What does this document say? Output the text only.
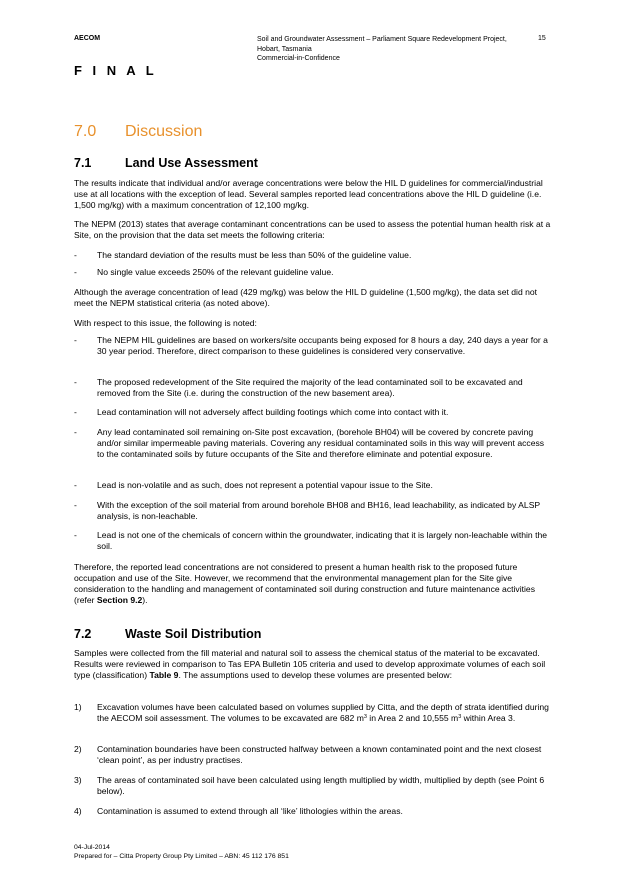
AECOM	Soil and Groundwater Assessment – Parliament Square Redevelopment Project, Hobart, Tasmania
Commercial-in-Confidence
15
F I N A L
7.0 Discussion
7.1	Land Use Assessment
The results indicate that individual and/or average concentrations were below the HIL D guidelines for commercial/industrial use at all locations with the exception of lead. Several samples reported lead concentrations above the HIL D guideline (i.e. 1,500 mg/kg) with a maximum concentration of 12,100 mg/kg.
The NEPM (2013) states that average contaminant concentrations can be used to assess the potential human health risk at a Site, on the provision that the data set meets the following criteria:
- The standard deviation of the results must be less than 50% of the guideline value.
- No single value exceeds 250% of the relevant guideline value.
Although the average concentration of lead (429 mg/kg) was below the HIL D guideline (1,500 mg/kg), the data set did not meet the NEPM statistical criteria (as noted above).
With respect to this issue, the following is noted:
- The NEPM HIL guidelines are based on workers/site occupants being exposed for 8 hours a day, 240 days a year for a 30 year period. Therefore, direct comparison to these guidelines is considered very conservative.
- The proposed redevelopment of the Site required the majority of the lead contaminated soil to be excavated and removed from the Site (i.e. during the construction of the new basement area).
- Lead contamination will not adversely affect building footings which come into contact with it.
- Any lead contaminated soil remaining on-Site post excavation, (borehole BH04) will be covered by concrete paving and/or similar impermeable paving materials. Covering any residual contaminated soils in this way will prevent access to the contaminated soils by future occupants of the Site and therefore eliminate and potential exposure.
- Lead is non-volatile and as such, does not represent a potential vapour issue to the Site.
- With the exception of the soil material from around borehole BH08 and BH16, lead leachability, as indicated by ALSP analysis, is non-leachable.
- Lead is not one of the chemicals of concern within the groundwater, indicating that it is largely non-leachable within the soil.
Therefore, the reported lead concentrations are not considered to present a human health risk to the proposed future occupation and use of the Site. However, we recommend that the environmental management plan for the Site give consideration to the handling and management of contaminated soil during construction and future maintenance activities (refer Section 9.2).
7.2	Waste Soil Distribution
Samples were collected from the fill material and natural soil to assess the chemical status of the material to be excavated. Results were reviewed in comparison to Tas EPA Bulletin 105 criteria and used to develop approximate volumes of each soil type (classification) Table 9. The assumptions used to develop these volumes are presented below:
1) Excavation volumes have been calculated based on volumes supplied by Citta, and the depth of strata identified during the AECOM soil assessment. The volumes to be excavated are 682 $m^3$ in Area 2 and 10,555 $m^3$ within Area 3.
2) Contamination boundaries have been constructed halfway between a known contaminated point and the next closest ‘clean point’, as per industry practises.
3) The areas of contaminated soil have been calculated using length multiplied by width, multiplied by depth (see Point 6 below).
4) Contamination is assumed to extend through all ‘like’ lithologies within the areas.
04-Jul-2014
Prepared for – Citta Property Group Pty Limited – ABN: 45 112 176 851
